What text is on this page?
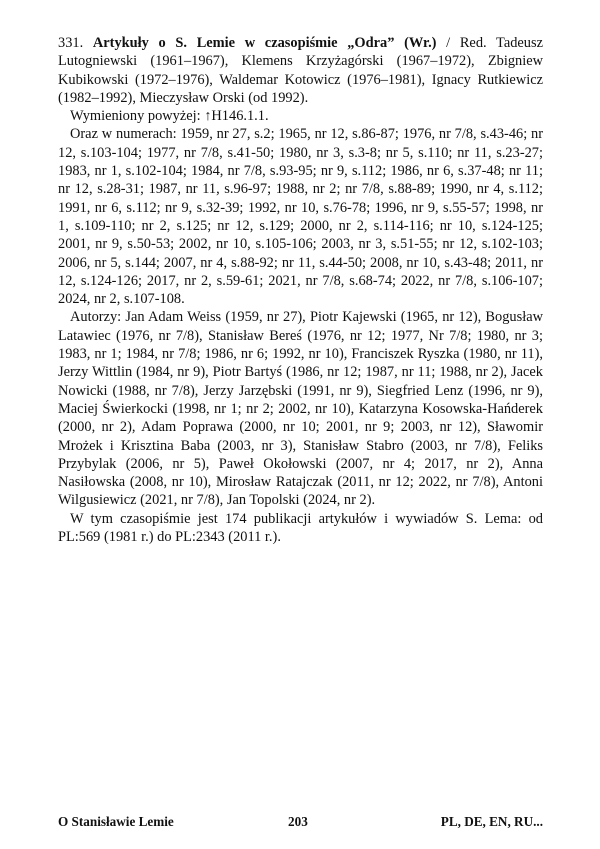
331. Artykuły o S. Lemie w czasopiśmie „Odra” (Wr.) / Red. Tadeusz Lutogniewski (1961–1967), Klemens Krzyżagórski (1967–1972), Zbigniew Kubikowski (1972–1976), Waldemar Kotowicz (1976–1981), Ignacy Rutkiewicz (1982–1992), Mieczysław Orski (od 1992).

Wymieniony powyżej: ↑H146.1.1.

Oraz w numerach: 1959, nr 27, s.2; 1965, nr 12, s.86-87; 1976, nr 7/8, s.43-46; nr 12, s.103-104; 1977, nr 7/8, s.41-50; 1980, nr 3, s.3-8; nr 5, s.110; nr 11, s.23-27; 1983, nr 1, s.102-104; 1984, nr 7/8, s.93-95; nr 9, s.112; 1986, nr 6, s.37-48; nr 11; nr 12, s.28-31; 1987, nr 11, s.96-97; 1988, nr 2; nr 7/8, s.88-89; 1990, nr 4, s.112; 1991, nr 6, s.112; nr 9, s.32-39; 1992, nr 10, s.76-78; 1996, nr 9, s.55-57; 1998, nr 1, s.109-110; nr 2, s.125; nr 12, s.129; 2000, nr 2, s.114-116; nr 10, s.124-125; 2001, nr 9, s.50-53; 2002, nr 10, s.105-106; 2003, nr 3, s.51-55; nr 12, s.102-103; 2006, nr 5, s.144; 2007, nr 4, s.88-92; nr 11, s.44-50; 2008, nr 10, s.43-48; 2011, nr 12, s.124-126; 2017, nr 2, s.59-61; 2021, nr 7/8, s.68-74; 2022, nr 7/8, s.106-107; 2024, nr 2, s.107-108.

Autorzy: Jan Adam Weiss (1959, nr 27), Piotr Kajewski (1965, nr 12), Bogusław Latawiec (1976, nr 7/8), Stanisław Bereś (1976, nr 12; 1977, Nr 7/8; 1980, nr 3; 1983, nr 1; 1984, nr 7/8; 1986, nr 6; 1992, nr 10), Franciszek Ryszka (1980, nr 11), Jerzy Wittlin (1984, nr 9), Piotr Bartyś (1986, nr 12; 1987, nr 11; 1988, nr 2), Jacek Nowicki (1988, nr 7/8), Jerzy Jarzębski (1991, nr 9), Siegfried Lenz (1996, nr 9), Maciej Świerkocki (1998, nr 1; nr 2; 2002, nr 10), Katarzyna Kosowska-Hańderek (2000, nr 2), Adam Poprawa (2000, nr 10; 2001, nr 9; 2003, nr 12), Sławomir Mrożek i Krisztina Baba (2003, nr 3), Stanisław Stabro (2003, nr 7/8), Feliks Przybylak (2006, nr 5), Paweł Okołowski (2007, nr 4; 2017, nr 2), Anna Nasiłowska (2008, nr 10), Mirosław Ratajczak (2011, nr 12; 2022, nr 7/8), Antoni Wilgusiewicz (2021, nr 7/8), Jan Topolski (2024, nr 2).

W tym czasopiśmie jest 174 publikacji artykułów i wywiadów S. Lema: od PL:569 (1981 r.) do PL:2343 (2011 r.).

O Stanisławie Lemie	203	PL, DE, EN, RU...
